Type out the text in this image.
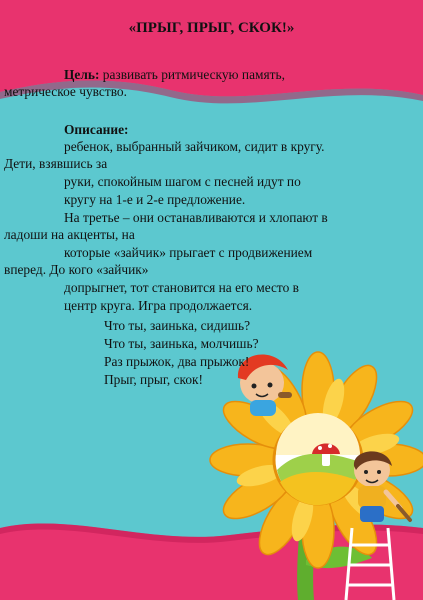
«ПРЫГ, ПРЫГ, СКОК!»
Цель: развивать ритмическую память,
метрическое чувство.
Описание:
ребенок, выбранный зайчиком, сидит в кругу.
Дети, взявшись за
руки, спокойным шагом с песней идут по
кругу на 1-е и 2-е предложение.
На третье – они останавливаются и хлопают в
ладоши на акценты, на
которые «зайчик» прыгает с продвижением
вперед. До кого «зайчик»
допрыгнет, тот становится на его место в
центр круга. Игра продолжается.
Что ты, заинька, сидишь?
Что ты, заинька, молчишь?
Раз прыжок, два прыжок!
Прыг, прыг, скок!
